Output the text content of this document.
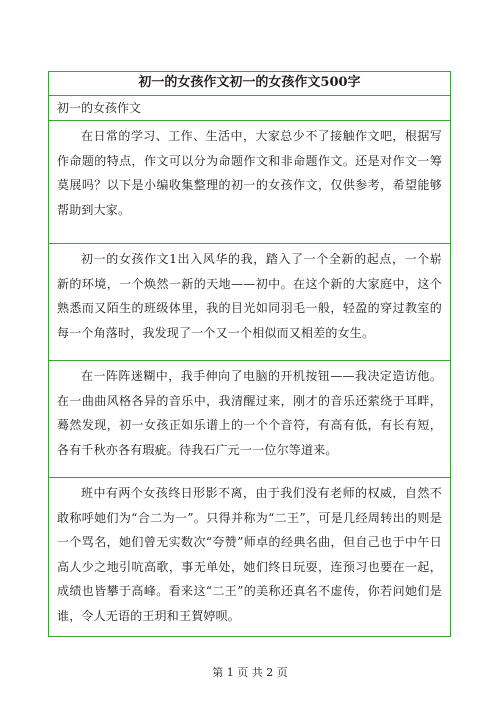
初一的女孩作文初一的女孩作文500字
初一的女孩作文

在日常的学习、工作、生活中，大家总少不了接触作文吧，根据写作命题的特点，作文可以分为命题作文和非命题作文。还是对作文一筹莫展吗？以下是小编收集整理的初一的女孩作文，仅供参考，希望能够帮助到大家。

初一的女孩作文1出入风华的我，踏入了一个全新的起点，一个崭新的环境，一个焕然一新的天地——初中。在这个新的大家庭中，这个熟悉而又陌生的班级体里，我的目光如同羽毛一般，轻盈的穿过教室的每一个角落时，我发现了一个又一个相似而又相差的女生。

在一阵阵迷糊中，我手伸向了电脑的开机按钮——我决定造访他。在一曲曲风格各异的音乐中，我清醒过来，刚才的音乐还萦绕于耳畔，蓦然发现，初一女孩正如乐谱上的一个个音符，有高有低，有长有短，各有千秋亦各有瑕疵。待我石广元一一位尔等道来。

班中有两个女孩终日形影不离，由于我们没有老师的权威，自然不敢称呼她们为“合二为一”。只得并称为“二王”，可是几经周转出的则是一个骂名，她们曾无实数次“夸赞”师卓的经典名曲，但自己也于中午日高人少之地引吭高歌，事无单处，她们终日玩耍，连预习也要在一起，成绩也皆攀于高峰。看来这“二王”的美称还真名不虚传，你若问她们是谁，令人无语的王玥和王賀婷呗。

第 1 页 共 2 页
